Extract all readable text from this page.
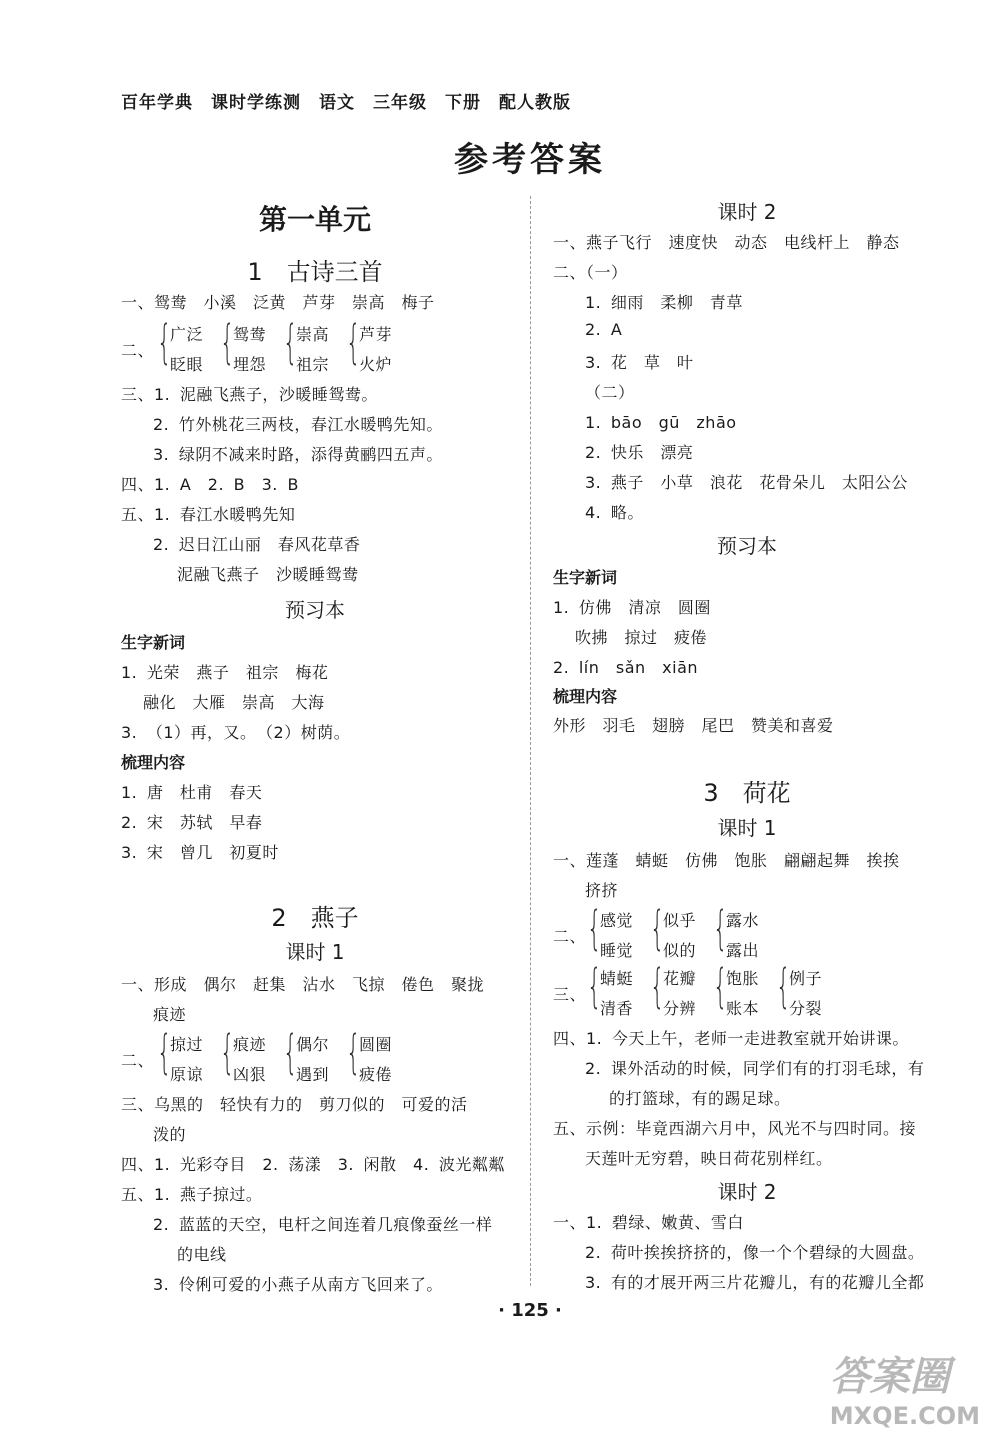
百年学典　课时学练测　语文　三年级　下册　配人教版
参考答案
第一单元
1　古诗三首
一、鸳鸯　小溪　泛黄　芦芽　崇高　梅子
二、 {
广泛
眨眼 {
鸳鸯
埋怨 {
崇高
祖宗 {
芦芽
火炉
三、1. 泥融飞燕子，沙暖睡鸳鸯。
2. 竹外桃花三两枝，春江水暖鸭先知。
3. 绿阴不减来时路，添得黄鹂四五声。
四、1. A　2. B　3. B
五、1. 春江水暖鸭先知
2. 迟日江山丽　春风花草香
泥融飞燕子　沙暖睡鸳鸯
预习本
生字新词
1. 光荣　燕子　祖宗　梅花
融化　大雁　崇高　大海
3. （1）再，又。　（2）树荫。
梳理内容
1. 唐　杜甫　春天
2. 宋　苏轼　早春
3. 宋　曾几　初夏时
2　燕子
课时 1
一、形成　偶尔　赶集　沾水　飞掠　倦色　聚拢
痕迹
二、 {
掠过
原谅 {
痕迹
凶狠 {
偶尔
遇到 {
圆圈
疲倦
三、乌黑的　轻快有力的　剪刀似的　可爱的活
泼的
四、1. 光彩夺目　2. 荡漾　3. 闲散　4. 波光粼粼
五、1. 燕子掠过。
2. 蓝蓝的天空，电杆之间连着几痕像蚕丝一样
的电线
3. 伶俐可爱的小燕子从南方飞回来了。
课时 2
一、燕子飞行　速度快　动态　电线杆上　静态
二、（一）
1. 细雨　柔柳　青草
2. A
3. 花　草　叶
（二）
1. bāo　gū　zhāo
2. 快乐　漂亮
3. 燕子　小草　浪花　花骨朵儿　太阳公公
4. 略。
预习本
生字新词
1. 仿佛　清凉　圆圈
吹拂　掠过　疲倦
2. lín　sǎn　xiān
梳理内容
外形　羽毛　翅膀　尾巴　赞美和喜爱
3　荷花
课时 1
一、莲蓬　蜻蜓　仿佛　饱胀　翩翩起舞　挨挨
挤挤
二、 {
感觉
睡觉 {
似乎
似的 {
露水
露出
三、 {
蜻蜓
清香 {
花瓣
分辨 {
饱胀
账本 {
例子
分裂
四、1. 今天上午，老师一走进教室就开始讲课。
2. 课外活动的时候，同学们有的打羽毛球，有
的打篮球，有的踢足球。
五、示例：毕竟西湖六月中，风光不与四时同。接
天莲叶无穷碧，映日荷花别样红。
课时 2
一、1. 碧绿、嫩黄、雪白
2. 荷叶挨挨挤挤的，像一个个碧绿的大圆盘。
3. 有的才展开两三片花瓣儿，有的花瓣儿全都
· 125 ·
答案圈
MXQE.COM
